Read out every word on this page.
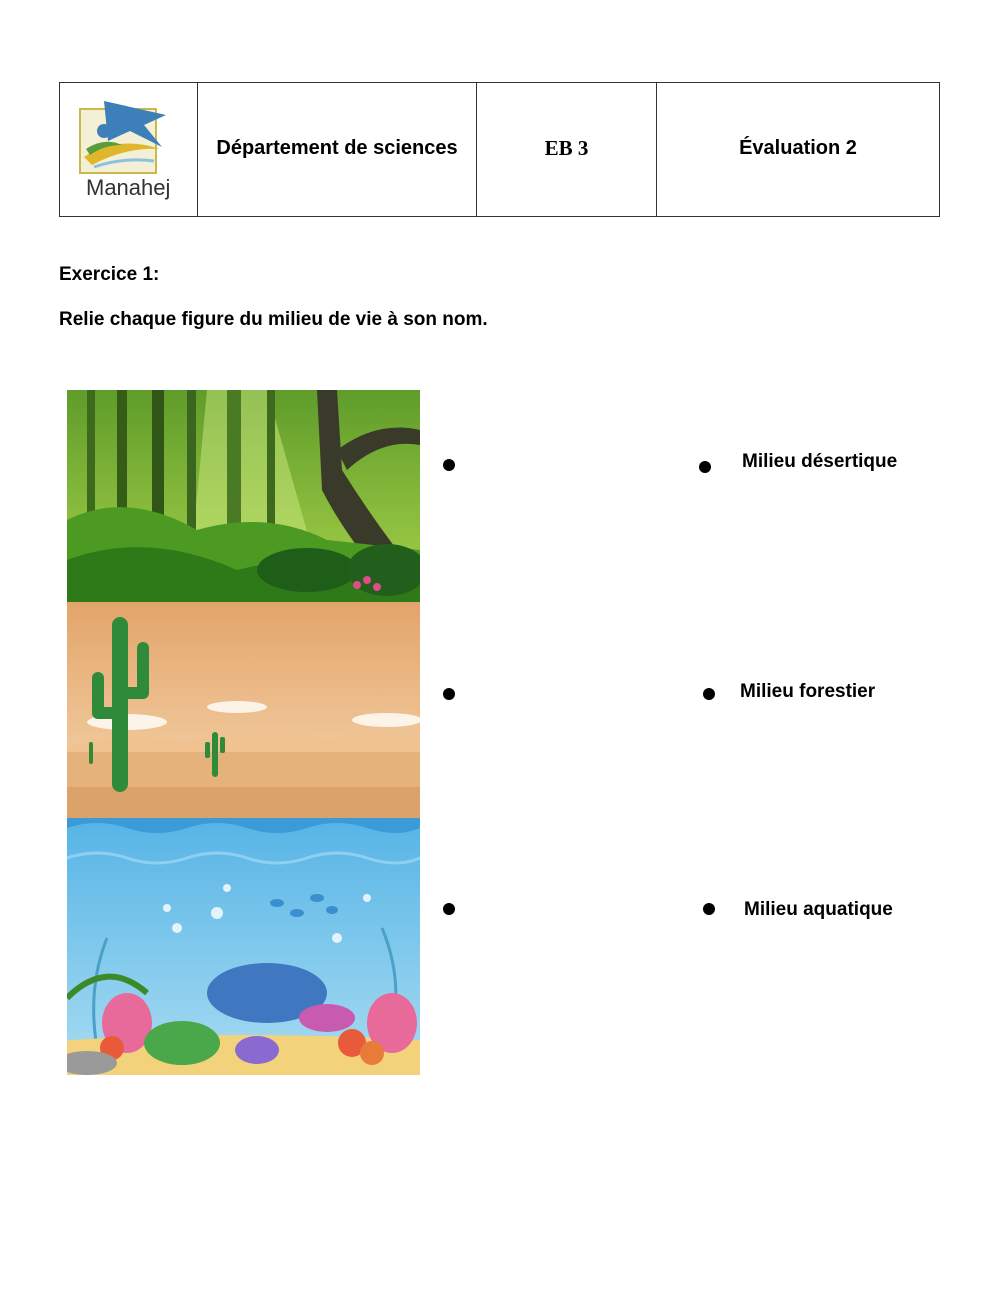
Manahej

Département de sciences	EB 3	Évaluation 2
Exercice 1:
Relie chaque figure du milieu de vie à son nom.
Milieu désertique
Milieu forestier
Milieu aquatique
